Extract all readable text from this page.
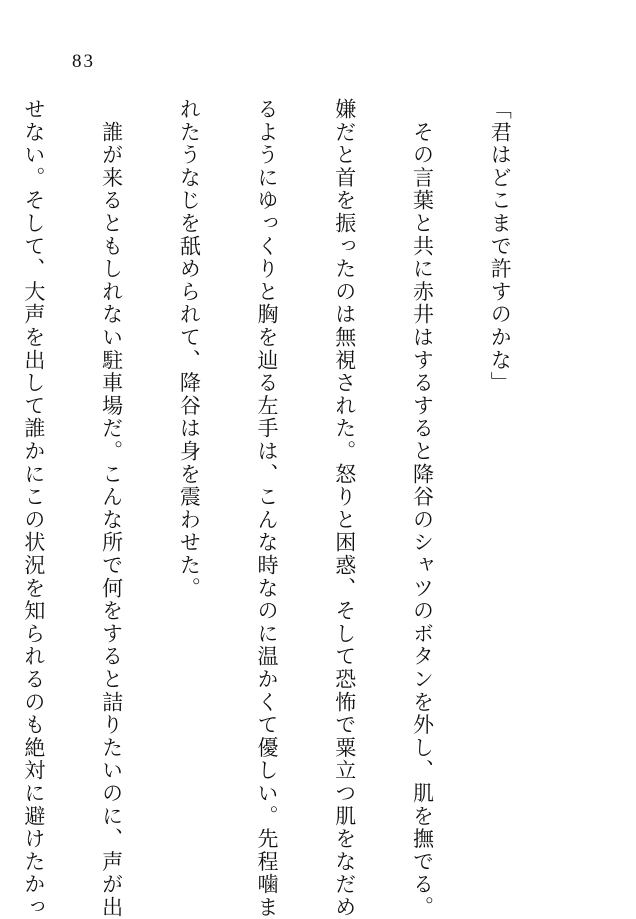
83

「君はどこまで許すのかな」

　その言葉と共に赤井はするすると降谷のシャツのボタンを外し、肌を撫でる。

嫌だと首を振ったのは無視された。怒りと困惑、そして恐怖で粟立つ肌をなだめ

るようにゆっくりと胸を辿る左手は、こんな時なのに温かくて優しい。先程噛ま

れたうなじを舐められて、降谷は身を震わせた。

　誰が来るともしれない駐車場だ。こんな所で何をすると詰りたいのに、声が出

せない。そして、大声を出して誰かにこの状況を知られるのも絶対に避けたかっ
